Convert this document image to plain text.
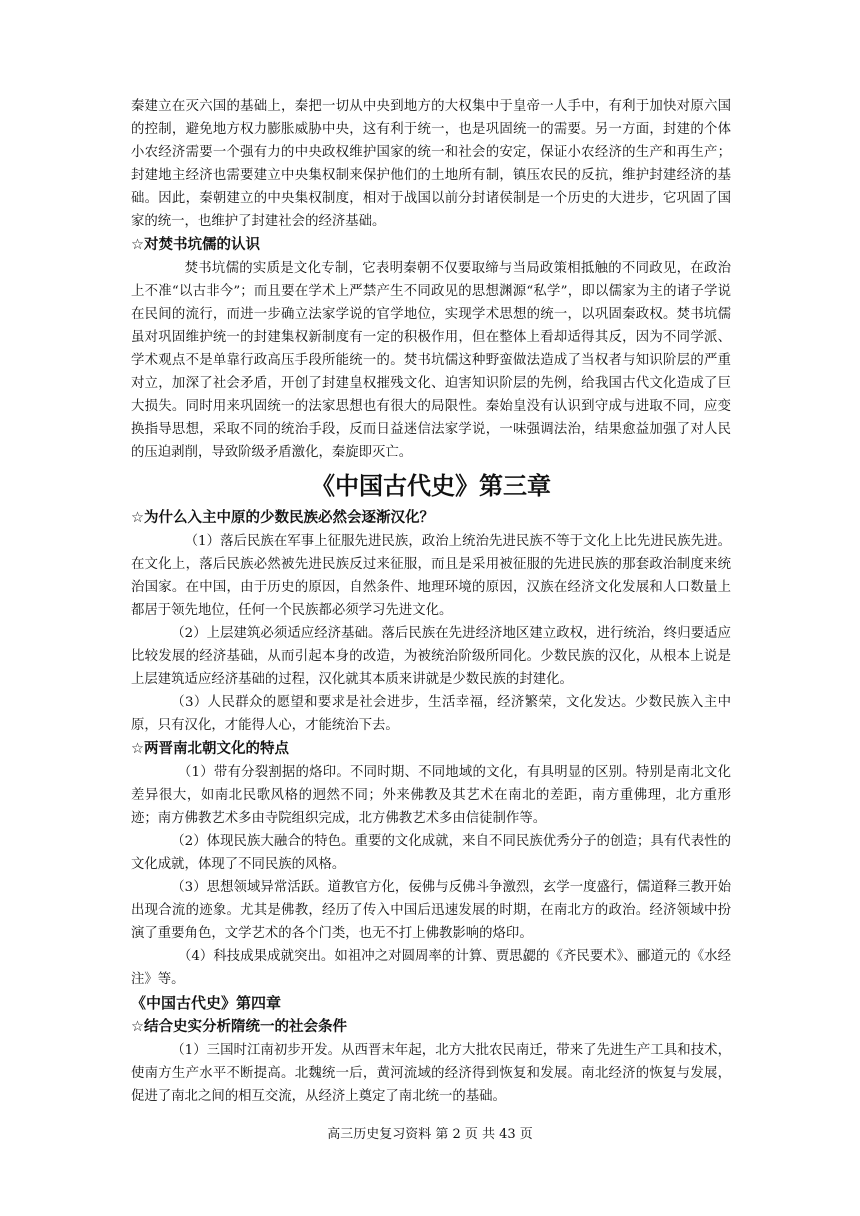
秦建立在灭六国的基础上，秦把一切从中央到地方的大权集中于皇帝一人手中，有利于加快对原六国的控制，避免地方权力膨胀威胁中央，这有利于统一，也是巩固统一的需要。另一方面，封建的个体小农经济需要一个强有力的中央政权维护国家的统一和社会的安定，保证小农经济的生产和再生产；封建地主经济也需要建立中央集权制来保护他们的土地所有制，镇压农民的反抗，维护封建经济的基础。因此，秦朝建立的中央集权制度，相对于战国以前分封诸侯制是一个历史的大进步，它巩固了国家的统一，也维护了封建社会的经济基础。

☆对焚书坑儒的认识

焚书坑儒的实质是文化专制，它表明秦朝不仅要取缔与当局政策相抵触的不同政见，在政治上不准“以古非今”；而且要在学术上严禁产生不同政见的思想渊源“私学”，即以儒家为主的诸子学说在民间的流行，而进一步确立法家学说的官学地位，实现学术思想的统一，以巩固秦政权。焚书坑儒虽对巩固维护统一的封建集权新制度有一定的积极作用，但在整体上看却适得其反，因为不同学派、学术观点不是单靠行政高压手段所能统一的。焚书坑儒这种野蛮做法造成了当权者与知识阶层的严重对立，加深了社会矛盾，开创了封建皇权摧残文化、迫害知识阶层的先例，给我国古代文化造成了巨大损失。同时用来巩固统一的法家思想也有很大的局限性。秦始皇没有认识到守成与进取不同，应变换指导思想，采取不同的统治手段，反而日益迷信法家学说，一味强调法治，结果愈益加强了对人民的压迫剥削，导致阶级矛盾激化，秦旋即灭亡。

《中国古代史》第三章
☆为什么入主中原的少数民族必然会逐渐汉化？

（1）落后民族在军事上征服先进民族，政治上统治先进民族不等于文化上比先进民族先进。在文化上，落后民族必然被先进民族反过来征服，而且是采用被征服的先进民族的那套政治制度来统治国家。在中国，由于历史的原因，自然条件、地理环境的原因，汉族在经济文化发展和人口数量上都居于领先地位，任何一个民族都必须学习先进文化。

（2）上层建筑必须适应经济基础。落后民族在先进经济地区建立政权，进行统治，终归要适应比较发展的经济基础，从而引起本身的改造，为被统治阶级所同化。少数民族的汉化，从根本上说是上层建筑适应经济基础的过程，汉化就其本质来讲就是少数民族的封建化。

（3）人民群众的愿望和要求是社会进步，生活幸福，经济繁荣，文化发达。少数民族入主中原，只有汉化，才能得人心，才能统治下去。

☆两晋南北朝文化的特点

（1）带有分裂割据的烙印。不同时期、不同地域的文化，有具明显的区别。特别是南北文化差异很大，如南北民歌风格的迥然不同；外来佛教及其艺术在南北的差距，南方重佛理，北方重形迹；南方佛教艺术多由寺院组织完成，北方佛教艺术多由信徒制作等。

（2）体现民族大融合的特色。重要的文化成就，来自不同民族优秀分子的创造；具有代表性的文化成就，体现了不同民族的风格。

（3）思想领域异常活跃。道教官方化，佞佛与反佛斗争激烈，玄学一度盛行，儒道释三教开始出现合流的迹象。尤其是佛教，经历了传入中国后迅速发展的时期，在南北方的政治。经济领域中扮演了重要角色，文学艺术的各个门类，也无不打上佛教影响的烙印。

（4）科技成果成就突出。如祖冲之对圆周率的计算、贾思勰的《齐民要术》、郦道元的《水经注》等。

《中国古代史》第四章
☆结合史实分析隋统一的社会条件

（1）三国时江南初步开发。从西晋末年起，北方大批农民南迁，带来了先进生产工具和技术，使南方生产水平不断提高。北魏统一后，黄河流域的经济得到恢复和发展。南北经济的恢复与发展，促进了南北之间的相互交流，从经济上奠定了南北统一的基础。

高三历史复习资料 第 2 页 共 43 页
